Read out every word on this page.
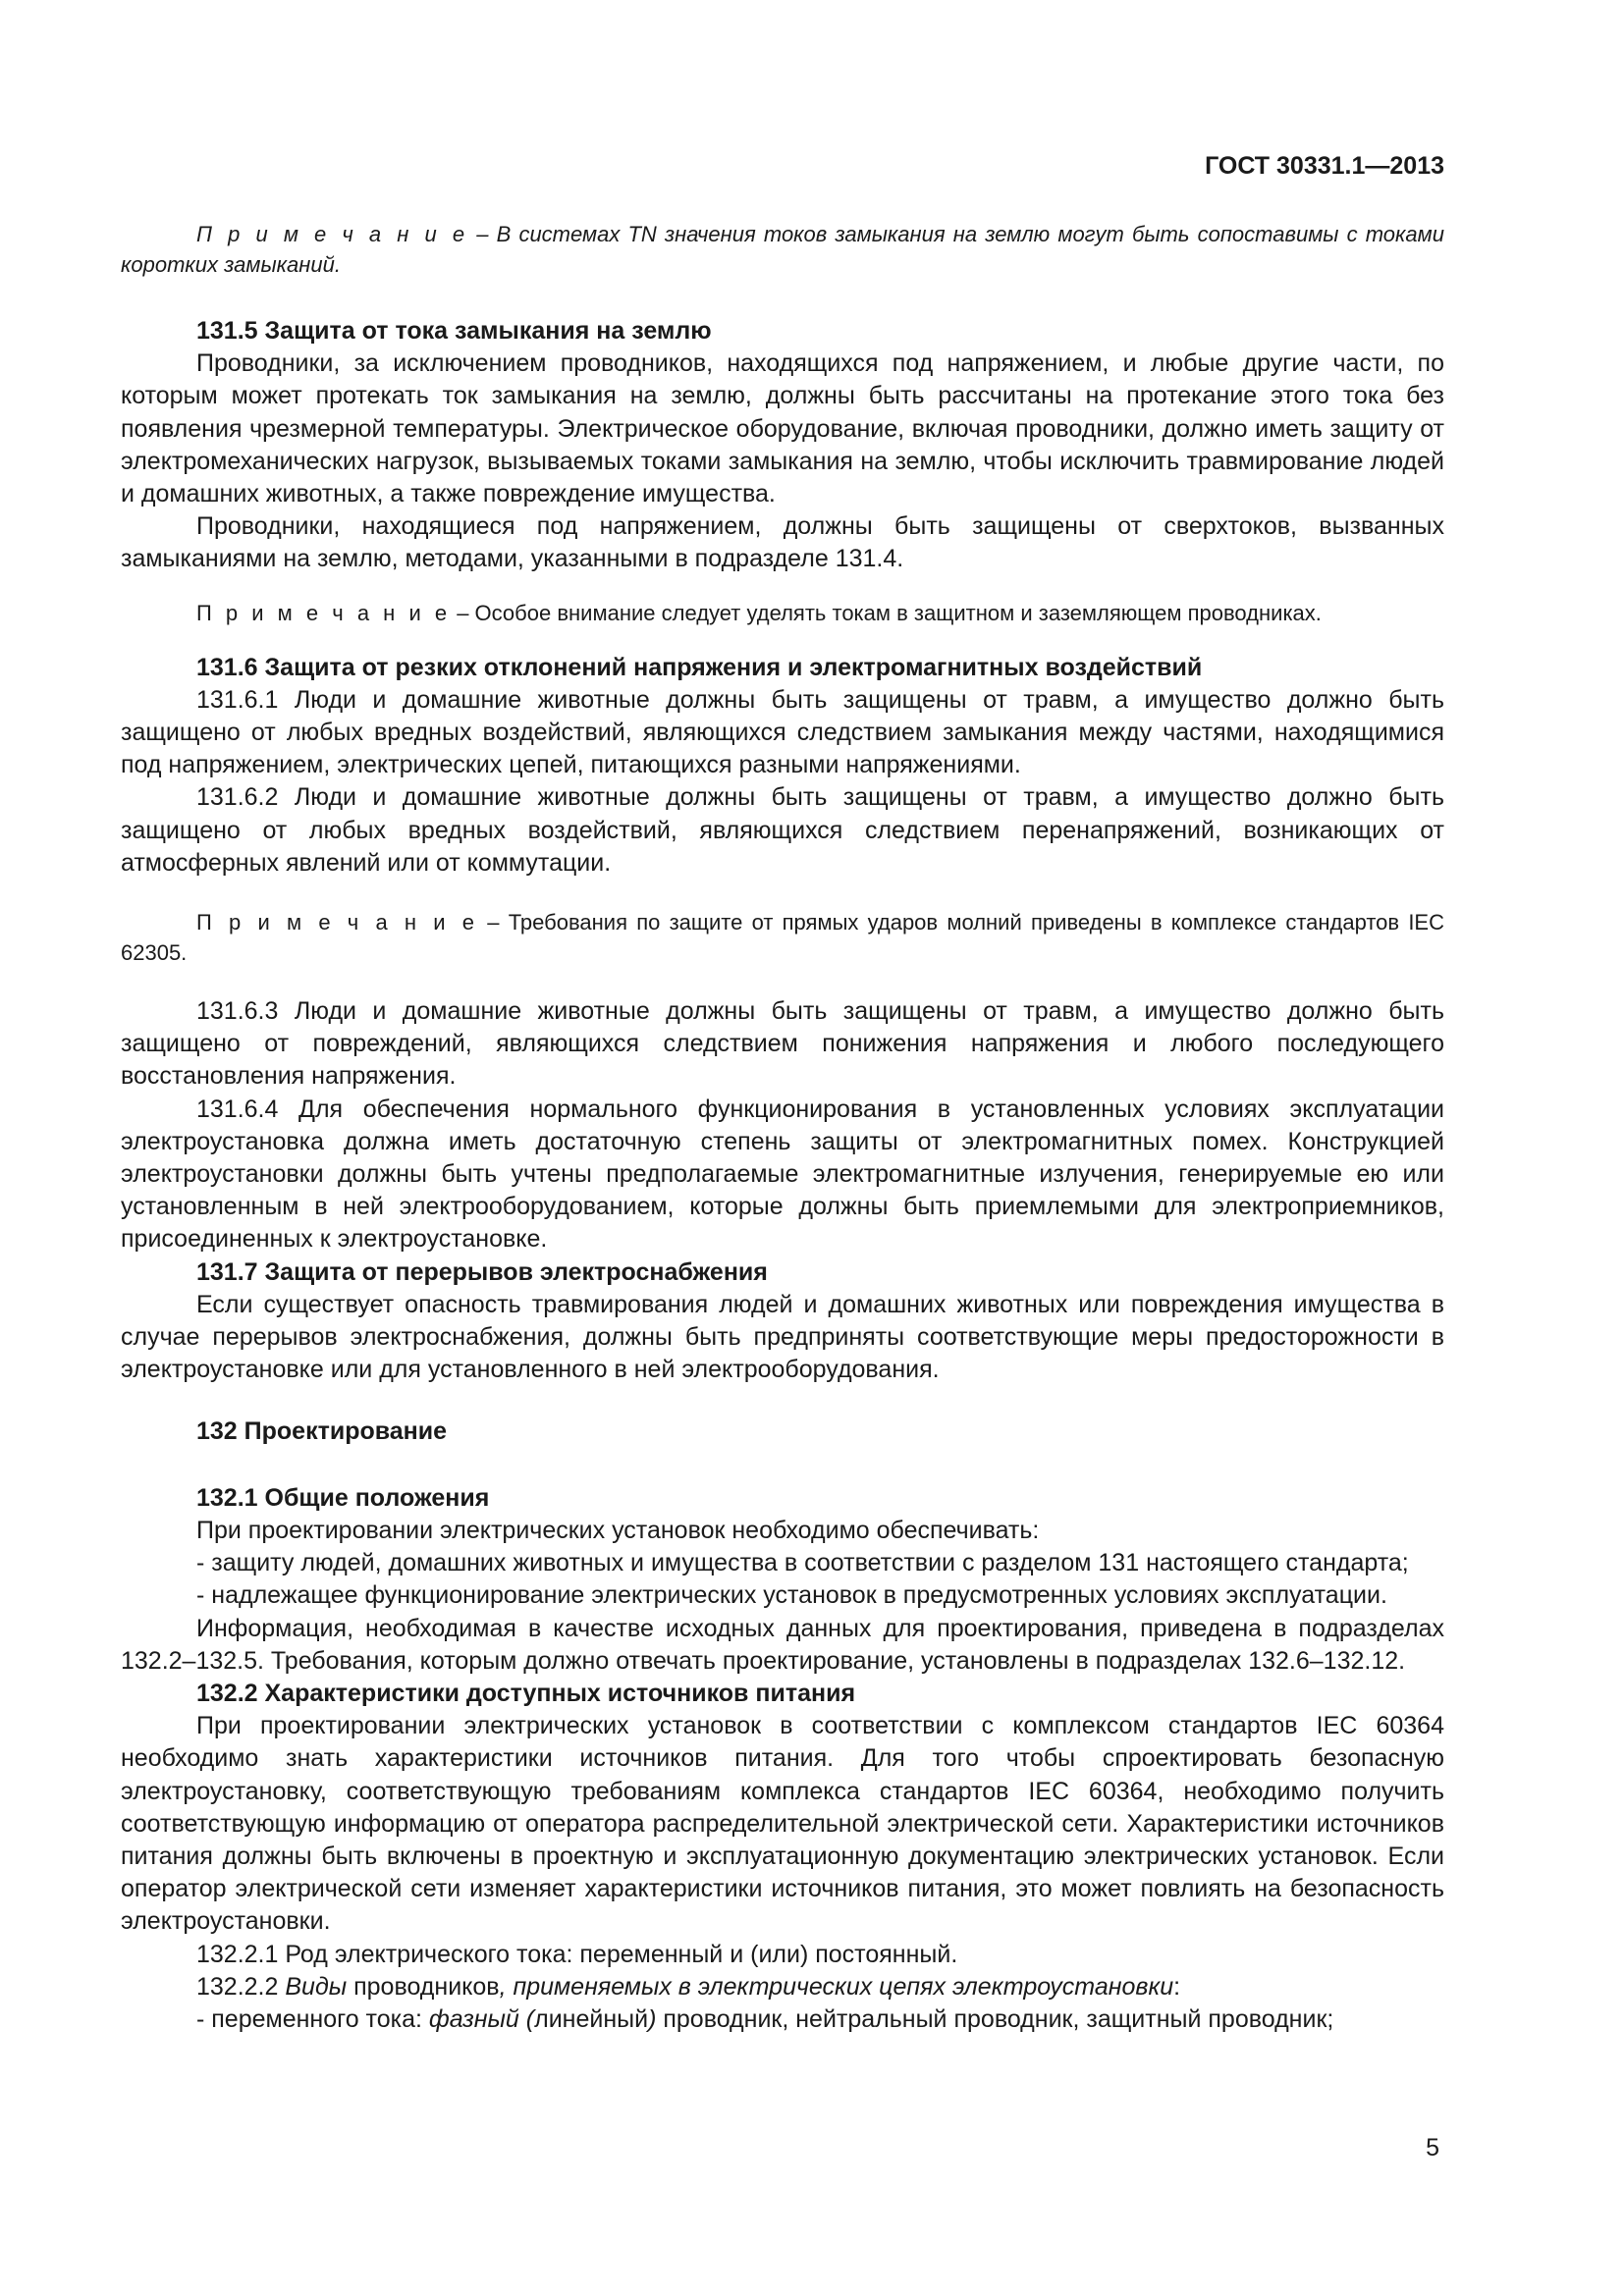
ГОСТ 30331.1—2013

П р и м е ч а н и е – В системах TN значения токов замыкания на землю могут быть сопоставимы с токами коротких замыканий.

131.5 Защита от тока замыкания на землю

Проводники, за исключением проводников, находящихся под напряжением, и любые другие части, по которым может протекать ток замыкания на землю, должны быть рассчитаны на протекание этого тока без появления чрезмерной температуры. Электрическое оборудование, включая проводники, должно иметь защиту от электромеханических нагрузок, вызываемых токами замыкания на землю, чтобы исключить травмирование людей и домашних животных, а также повреждение имущества.

Проводники, находящиеся под напряжением, должны быть защищены от сверхтоков, вызванных замыканиями на землю, методами, указанными в подразделе 131.4.

П р и м е ч а н и е – Особое внимание следует уделять токам в защитном и заземляющем проводниках.

131.6 Защита от резких отклонений напряжения и электромагнитных воздействий

131.6.1 Люди и домашние животные должны быть защищены от травм, а имущество должно быть защищено от любых вредных воздействий, являющихся следствием замыкания между частями, находящимися под напряжением, электрических цепей, питающихся разными напряжениями.

131.6.2 Люди и домашние животные должны быть защищены от травм, а имущество должно быть защищено от любых вредных воздействий, являющихся следствием перенапряжений, возникающих от атмосферных явлений или от коммутации.

П р и м е ч а н и е – Требования по защите от прямых ударов молний приведены в комплексе стандартов IEC 62305.

131.6.3 Люди и домашние животные должны быть защищены от травм, а имущество должно быть защищено от повреждений, являющихся следствием понижения напряжения и любого последующего восстановления напряжения.

131.6.4 Для обеспечения нормального функционирования в установленных условиях эксплуатации электроустановка должна иметь достаточную степень защиты от электромагнитных помех. Конструкцией электроустановки должны быть учтены предполагаемые электромагнитные излучения, генерируемые ею или установленным в ней электрооборудованием, которые должны быть приемлемыми для электроприемников, присоединенных к электроустановке.

131.7 Защита от перерывов электроснабжения

Если существует опасность травмирования людей и домашних животных или повреждения имущества в случае перерывов электроснабжения, должны быть предприняты соответствующие меры предосторожности в электроустановке или для установленного в ней электрооборудования.

132 Проектирование

132.1 Общие положения

При проектировании электрических установок необходимо обеспечивать:

- защиту людей, домашних животных и имущества в соответствии с разделом 131 настоящего стандарта;

- надлежащее функционирование электрических установок в предусмотренных условиях эксплуатации.

Информация, необходимая в качестве исходных данных для проектирования, приведена в подразделах 132.2–132.5. Требования, которым должно отвечать проектирование, установлены в подразделах 132.6–132.12.

132.2 Характеристики доступных источников питания

При проектировании электрических установок в соответствии с комплексом стандартов IEC 60364 необходимо знать характеристики источников питания. Для того чтобы спроектировать безопасную электроустановку, соответствующую требованиям комплекса стандартов IEC 60364, необходимо получить соответствующую информацию от оператора распределительной электрической сети. Характеристики источников питания должны быть включены в проектную и эксплуатационную документацию электрических установок. Если оператор электрической сети изменяет характеристики источников питания, это может повлиять на безопасность электроустановки.

132.2.1 Род электрического тока: переменный и (или) постоянный.

132.2.2 Виды проводников, применяемых в электрических цепях электроустановки:

- переменного тока: фазный (линейный) проводник, нейтральный проводник, защитный проводник;

5
